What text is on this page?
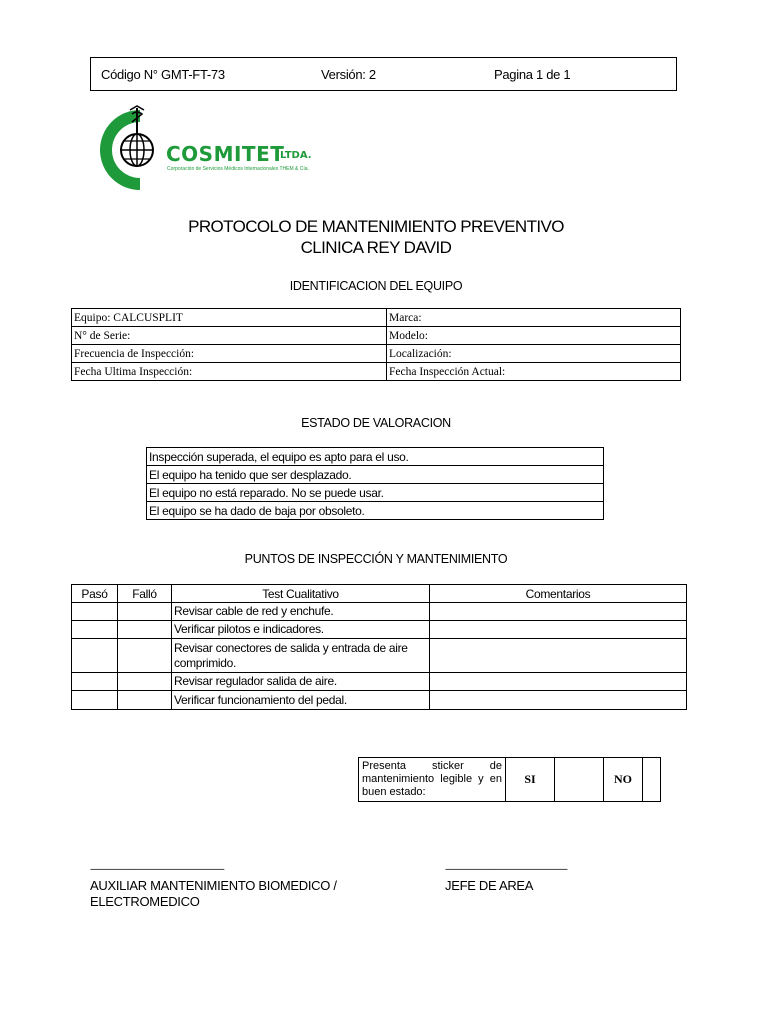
Código N° GMT-FT-73	Versión: 2	Pagina 1 de 1
COSMITET
LTDA.
Corporación de Servicios Médicos Internacionales THEM & Cía.
PROTOCOLO DE MANTENIMIENTO PREVENTIVO
CLINICA REY DAVID
IDENTIFICACION DEL EQUIPO
Equipo: CALCUSPLIT	Marca:
N° de Serie:	Modelo:
Frecuencia de Inspección:	Localización:
Fecha Ultima Inspección:	Fecha Inspección Actual:
ESTADO DE VALORACION
Inspección superada, el equipo es apto para el uso.
El equipo ha tenido que ser desplazado.
El equipo no está reparado. No se puede usar.
El equipo se ha dado de baja por obsoleto.
PUNTOS DE INSPECCIÓN Y MANTENIMIENTO
Pasó	Falló	Test Cualitativo	Comentarios
		Revisar cable de red y enchufe.	
		Verificar pilotos e indicadores.	
		Revisar conectores de salida y entrada de aire comprimido.	
		Revisar regulador salida de aire.	
		Verificar funcionamiento del pedal.	
Presenta sticker de mantenimiento legible y en buen estado:	SI		NO	
-------------------------------------------------------------------
AUXILIAR MANTENIMIENTO BIOMEDICO / ELECTROMEDICO
-------------------------------------------------------------
JEFE DE AREA
